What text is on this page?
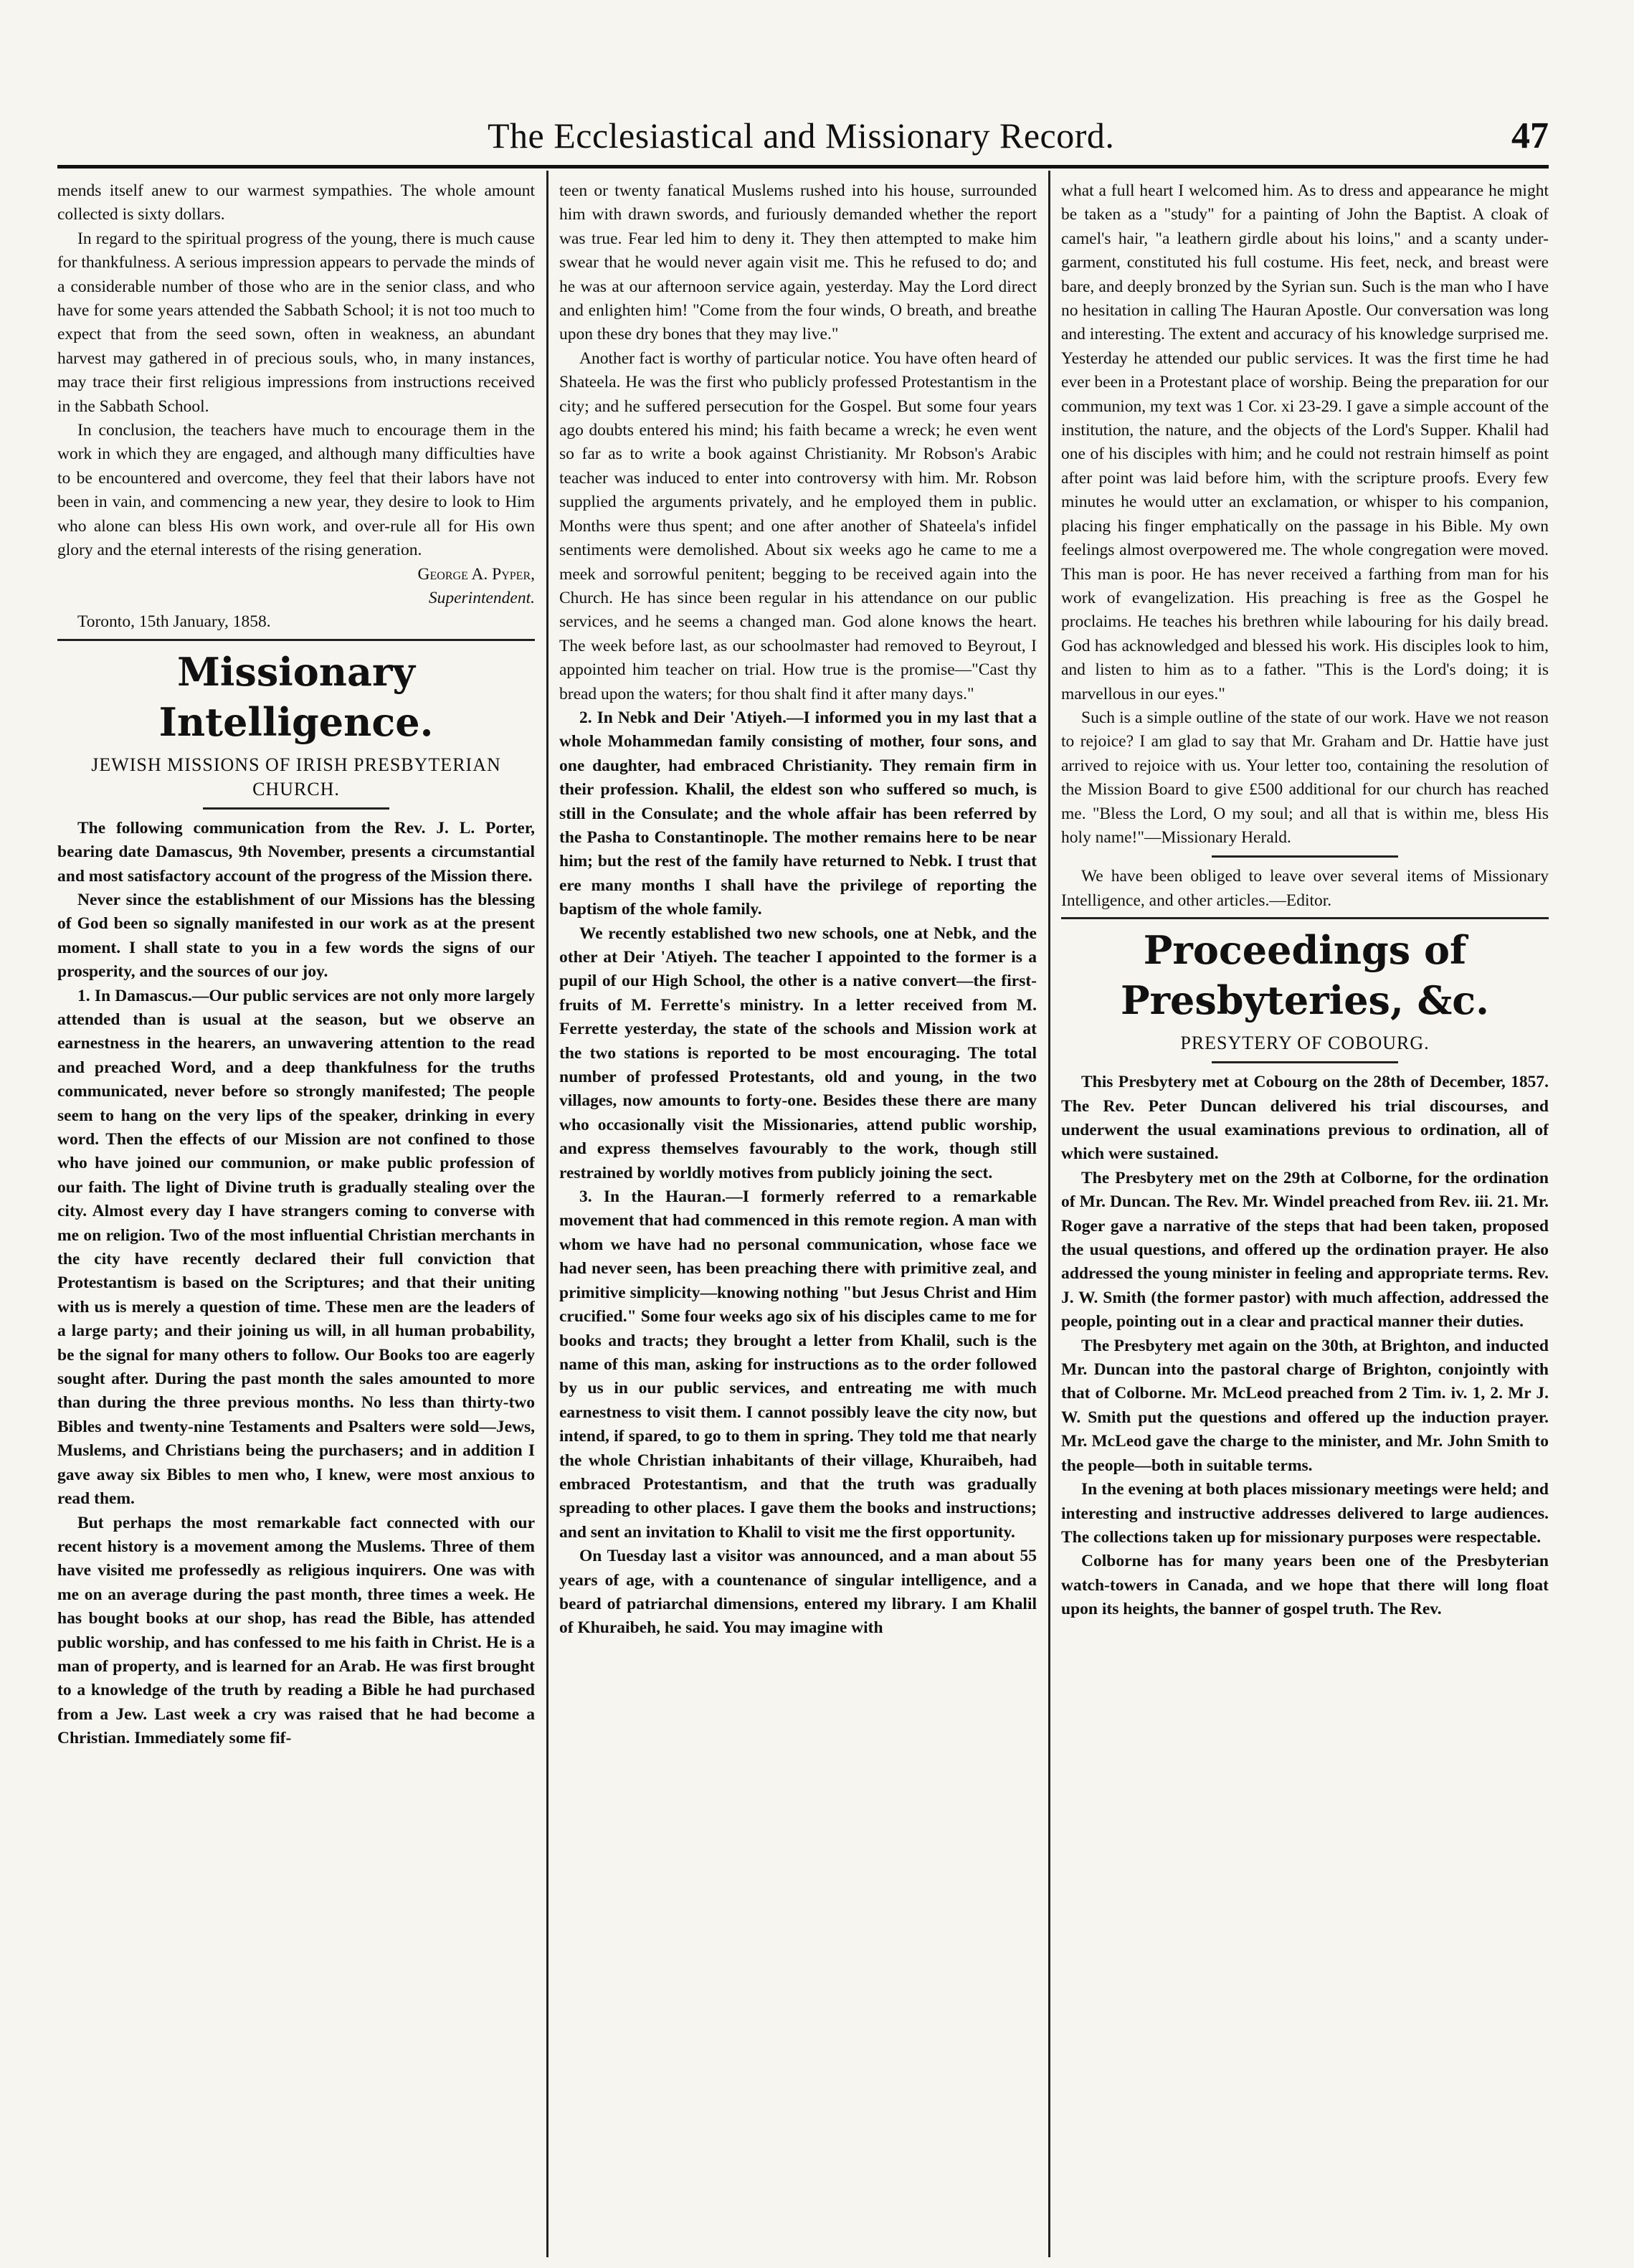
The Ecclesiastical and Missionary Record.	47

mends itself anew to our warmest sympathies. The whole amount collected is sixty dollars.

In regard to the spiritual progress of the young, there is much cause for thankfulness. A serious impression appears to pervade the minds of a considerable number of those who are in the senior class, and who have for some years attended the Sabbath School; it is not too much to expect that from the seed sown, often in weakness, an abundant harvest may gathered in of precious souls, who, in many instances, may trace their first religious impressions from instructions received in the Sabbath School.

In conclusion, the teachers have much to encourage them in the work in which they are engaged, and although many difficulties have to be encountered and overcome, they feel that their labors have not been in vain, and commencing a new year, they desire to look to Him who alone can bless His own work, and over-rule all for His own glory and the eternal interests of the rising generation.

George A. Pyper,

Superintendent.

Toronto, 15th January, 1858.

Missionary Intelligence.

JEWISH MISSIONS OF IRISH PRESBYTERIAN CHURCH.

The following communication from the Rev. J. L. Porter, bearing date Damascus, 9th November, presents a circumstantial and most satisfactory account of the progress of the Mission there.

Never since the establishment of our Missions has the blessing of God been so signally manifested in our work as at the present moment. I shall state to you in a few words the signs of our prosperity, and the sources of our joy.

1. In Damascus.—Our public services are not only more largely attended than is usual at the season, but we observe an earnestness in the hearers, an unwavering attention to the read and preached Word, and a deep thankfulness for the truths communicated, never before so strongly manifested; The people seem to hang on the very lips of the speaker, drinking in every word. Then the effects of our Mission are not confined to those who have joined our communion, or make public profession of our faith. The light of Divine truth is gradually stealing over the city. Almost every day I have strangers coming to converse with me on religion. Two of the most influential Christian merchants in the city have recently declared their full conviction that Protestantism is based on the Scriptures; and that their uniting with us is merely a question of time. These men are the leaders of a large party; and their joining us will, in all human probability, be the signal for many others to follow. Our Books too are eagerly sought after. During the past month the sales amounted to more than during the three previous months. No less than thirty-two Bibles and twenty-nine Testaments and Psalters were sold—Jews, Muslems, and Christians being the purchasers; and in addition I gave away six Bibles to men who, I knew, were most anxious to read them.

But perhaps the most remarkable fact connected with our recent history is a movement among the Muslems. Three of them have visited me professedly as religious inquirers. One was with me on an average during the past month, three times a week. He has bought books at our shop, has read the Bible, has attended public worship, and has confessed to me his faith in Christ. He is a man of property, and is learned for an Arab. He was first brought to a knowledge of the truth by reading a Bible he had purchased from a Jew. Last week a cry was raised that he had become a Christian. Immediately some fif-

teen or twenty fanatical Muslems rushed into his house, surrounded him with drawn swords, and furiously demanded whether the report was true. Fear led him to deny it. They then attempted to make him swear that he would never again visit me. This he refused to do; and he was at our afternoon service again, yesterday. May the Lord direct and enlighten him! "Come from the four winds, O breath, and breathe upon these dry bones that they may live."

Another fact is worthy of particular notice. You have often heard of Shateela. He was the first who publicly professed Protestantism in the city; and he suffered persecution for the Gospel. But some four years ago doubts entered his mind; his faith became a wreck; he even went so far as to write a book against Christianity. Mr Robson's Arabic teacher was induced to enter into controversy with him. Mr. Robson supplied the arguments privately, and he employed them in public. Months were thus spent; and one after another of Shateela's infidel sentiments were demolished. About six weeks ago he came to me a meek and sorrowful penitent; begging to be received again into the Church. He has since been regular in his attendance on our public services, and he seems a changed man. God alone knows the heart. The week before last, as our schoolmaster had removed to Beyrout, I appointed him teacher on trial. How true is the promise—"Cast thy bread upon the waters; for thou shalt find it after many days."

2. In Nebk and Deir 'Atiyeh.—I informed you in my last that a whole Mohammedan family consisting of mother, four sons, and one daughter, had embraced Christianity. They remain firm in their profession. Khalil, the eldest son who suffered so much, is still in the Consulate; and the whole affair has been referred by the Pasha to Constantinople. The mother remains here to be near him; but the rest of the family have returned to Nebk. I trust that ere many months I shall have the privilege of reporting the baptism of the whole family.

We recently established two new schools, one at Nebk, and the other at Deir 'Atiyeh. The teacher I appointed to the former is a pupil of our High School, the other is a native convert—the first-fruits of M. Ferrette's ministry. In a letter received from M. Ferrette yesterday, the state of the schools and Mission work at the two stations is reported to be most encouraging. The total number of professed Protestants, old and young, in the two villages, now amounts to forty-one. Besides these there are many who occasionally visit the Missionaries, attend public worship, and express themselves favourably to the work, though still restrained by worldly motives from publicly joining the sect.

3. In the Hauran.—I formerly referred to a remarkable movement that had commenced in this remote region. A man with whom we have had no personal communication, whose face we had never seen, has been preaching there with primitive zeal, and primitive simplicity—knowing nothing "but Jesus Christ and Him crucified." Some four weeks ago six of his disciples came to me for books and tracts; they brought a letter from Khalil, such is the name of this man, asking for instructions as to the order followed by us in our public services, and entreating me with much earnestness to visit them. I cannot possibly leave the city now, but intend, if spared, to go to them in spring. They told me that nearly the whole Christian inhabitants of their village, Khuraibeh, had embraced Protestantism, and that the truth was gradually spreading to other places. I gave them the books and instructions; and sent an invitation to Khalil to visit me the first opportunity.

On Tuesday last a visitor was announced, and a man about 55 years of age, with a countenance of singular intelligence, and a beard of patriarchal dimensions, entered my library. I am Khalil of Khuraibeh, he said. You may imagine with

what a full heart I welcomed him. As to dress and appearance he might be taken as a "study" for a painting of John the Baptist. A cloak of camel's hair, "a leathern girdle about his loins," and a scanty under-garment, constituted his full costume. His feet, neck, and breast were bare, and deeply bronzed by the Syrian sun. Such is the man who I have no hesitation in calling The Hauran Apostle. Our conversation was long and interesting. The extent and accuracy of his knowledge surprised me. Yesterday he attended our public services. It was the first time he had ever been in a Protestant place of worship. Being the preparation for our communion, my text was 1 Cor. xi 23-29. I gave a simple account of the institution, the nature, and the objects of the Lord's Supper. Khalil had one of his disciples with him; and he could not restrain himself as point after point was laid before him, with the scripture proofs. Every few minutes he would utter an exclamation, or whisper to his companion, placing his finger emphatically on the passage in his Bible. My own feelings almost overpowered me. The whole congregation were moved. This man is poor. He has never received a farthing from man for his work of evangelization. His preaching is free as the Gospel he proclaims. He teaches his brethren while labouring for his daily bread. God has acknowledged and blessed his work. His disciples look to him, and listen to him as to a father. "This is the Lord's doing; it is marvellous in our eyes."

Such is a simple outline of the state of our work. Have we not reason to rejoice? I am glad to say that Mr. Graham and Dr. Hattie have just arrived to rejoice with us. Your letter too, containing the resolution of the Mission Board to give £500 additional for our church has reached me. "Bless the Lord, O my soul; and all that is within me, bless His holy name!"—Missionary Herald.

We have been obliged to leave over several items of Missionary Intelligence, and other articles.—Editor.

Proceedings of Presbyteries, &c.

PRESYTERY OF COBOURG.

This Presbytery met at Cobourg on the 28th of December, 1857. The Rev. Peter Duncan delivered his trial discourses, and underwent the usual examinations previous to ordination, all of which were sustained.

The Presbytery met on the 29th at Colborne, for the ordination of Mr. Duncan. The Rev. Mr. Windel preached from Rev. iii. 21. Mr. Roger gave a narrative of the steps that had been taken, proposed the usual questions, and offered up the ordination prayer. He also addressed the young minister in feeling and appropriate terms. Rev. J. W. Smith (the former pastor) with much affection, addressed the people, pointing out in a clear and practical manner their duties.

The Presbytery met again on the 30th, at Brighton, and inducted Mr. Duncan into the pastoral charge of Brighton, conjointly with that of Colborne. Mr. McLeod preached from 2 Tim. iv. 1, 2. Mr J. W. Smith put the questions and offered up the induction prayer. Mr. McLeod gave the charge to the minister, and Mr. John Smith to the people—both in suitable terms.

In the evening at both places missionary meetings were held; and interesting and instructive addresses delivered to large audiences. The collections taken up for missionary purposes were respectable.

Colborne has for many years been one of the Presbyterian watch-towers in Canada, and we hope that there will long float upon its heights, the banner of gospel truth. The Rev.
